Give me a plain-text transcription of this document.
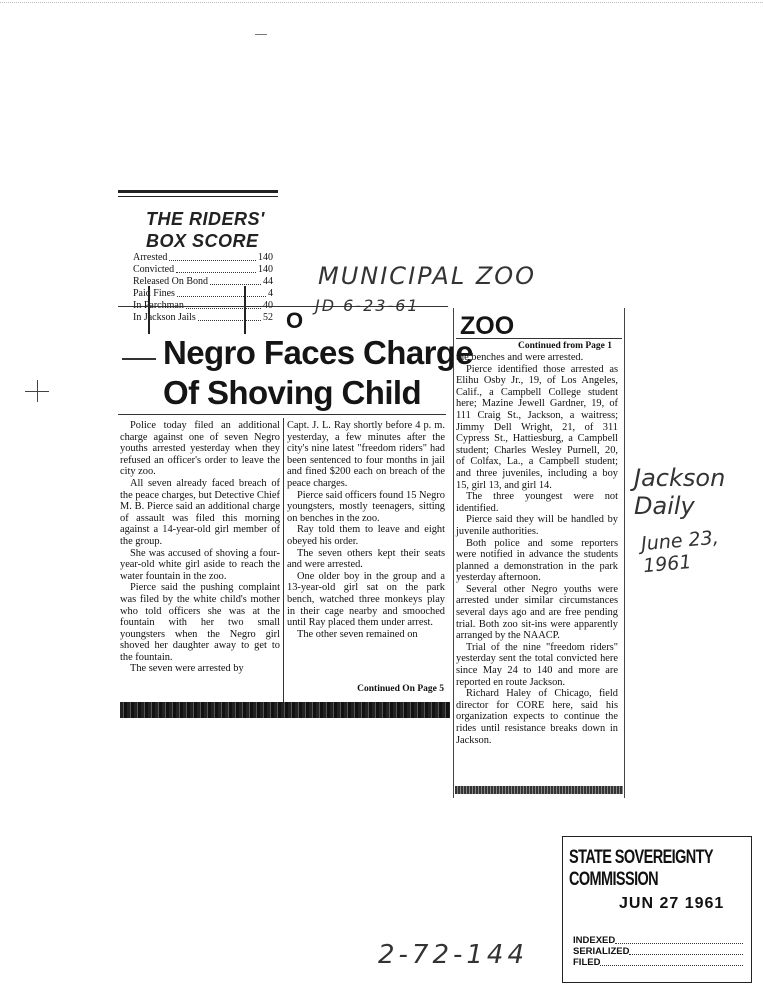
THE RIDERS'
BOX SCORE
Arrested	140
Convicted	140
Released On Bond	44
Paid Fines	4
In Parchman	40
In Jackson Jails	52
MUNICIPAL ZOO
JD 6-23-61
Jackson Daily
June 23, 1961
2-72-144
O
Negro Faces Charge
Of Shoving Child

Police today filed an additional charge against one of seven Negro youths arrested yesterday when they refused an officer's order to leave the city zoo.

All seven already faced breach of the peace charges, but Detective Chief M. B. Pierce said an additional charge of assault was filed this morning against a 14-year-old girl member of the group.

She was accused of shoving a four-year-old white girl aside to reach the water fountain in the zoo.

Pierce said the pushing complaint was filed by the white child's mother who told officers she was at the fountain with her two small youngsters when the Negro girl shoved her daughter away to get to the fountain.

The seven were arrested by

Capt. J. L. Ray shortly before 4 p. m. yesterday, a few minutes after the city's nine latest "freedom riders" had been sentenced to four months in jail and fined $200 each on breach of the peace charges.

Pierce said officers found 15 Negro youngsters, mostly teenagers, sitting on benches in the zoo.

Ray told them to leave and eight obeyed his order.

The seven others kept their seats and were arrested.

One older boy in the group and a 13-year-old girl sat on the park bench, watched three monkeys play in their cage nearby and smooched until Ray placed them under arrest.

The other seven remained on

Continued On Page 5
ZOO
Continued from Page 1

the benches and were arrested.

Pierce identified those arrested as Elihu Osby Jr., 19, of Los Angeles, Calif., a Campbell College student here; Mazine Jewell Gardner, 19, of 111 Craig St., Jackson, a waitress; Jimmy Dell Wright, 21, of 311 Cypress St., Hattiesburg, a Campbell student; Charles Wesley Purnell, 20, of Colfax, La., a Campbell student; and three juveniles, including a boy 15, girl 13, and girl 14.

The three youngest were not identified.

Pierce said they will be handled by juvenile authorities.

Both police and some reporters were notified in advance the students planned a demonstration in the park yesterday afternoon.

Several other Negro youths were arrested under similar circumstances several days ago and are free pending trial. Both zoo sit-ins were apparently arranged by the NAACP.

Trial of the nine "freedom riders" yesterday sent the total convicted here since May 24 to 140 and more are reported en route Jackson.

Richard Haley of Chicago, field director for CORE here, said his organization expects to continue the rides until resistance breaks down in Jackson.

STATE SOVEREIGNTY COMMISSION
JUN 27 1961
INDEXED
SERIALIZED
FILED
